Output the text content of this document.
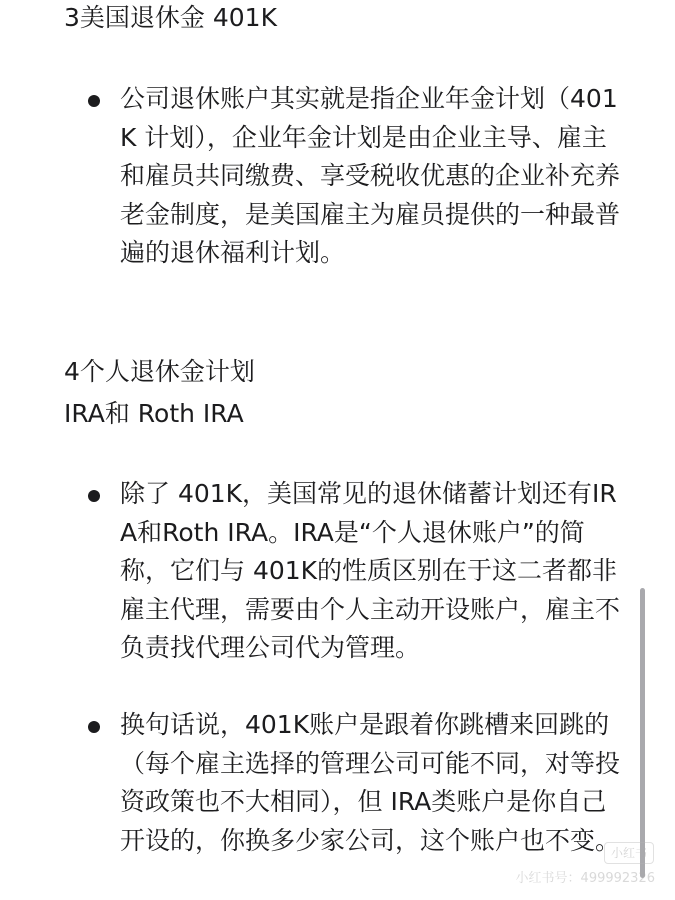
3美国退休金 401K

公司退休账户其实就是指企业年金计划（401K 计划），企业年金计划是由企业主导、雇主和雇员共同缴费、享受税收优惠的企业补充养老金制度，是美国雇主为雇员提供的一种最普遍的退休福利计划。

4个人退休金计划
IRA和 Roth IRA

除了 401K，美国常见的退休储蓄计划还有IRA和Roth IRA。IRA是“个人退休账户”的简称，它们与 401K的性质区别在于这二者都非雇主代理，需要由个人主动开设账户，雇主不负责找代理公司代为管理。

换句话说，401K账户是跟着你跳槽来回跳的（每个雇主选择的管理公司可能不同，对等投资政策也不大相同），但 IRA类账户是你自己开设的，你换多少家公司，这个账户也不变。

小红书
小红书号：499992326
